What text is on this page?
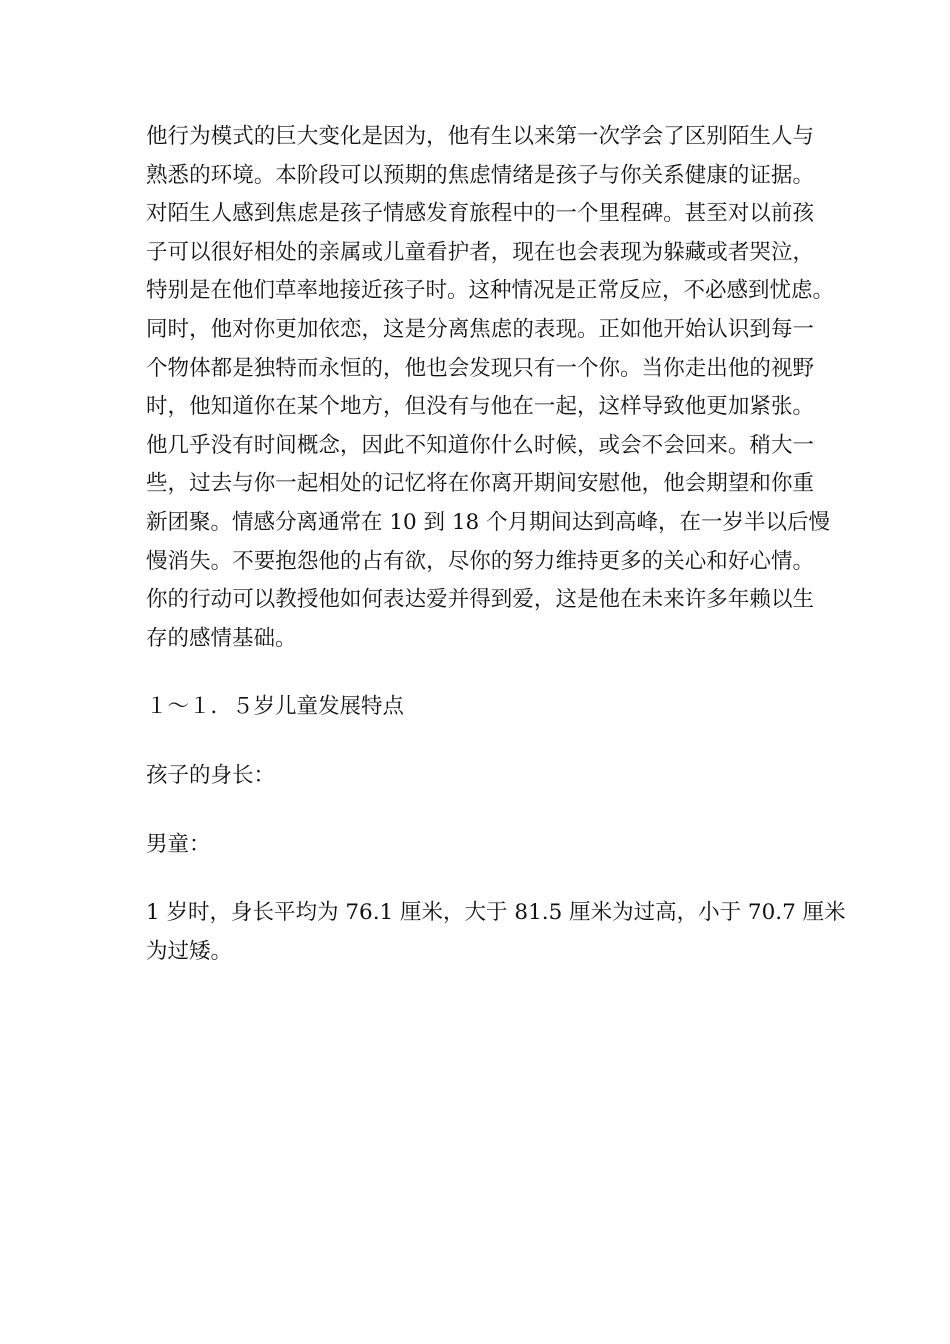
他行为模式的巨大变化是因为，他有生以来第一次学会了区别陌生人与
熟悉的环境。本阶段可以预期的焦虑情绪是孩子与你关系健康的证据。
对陌生人感到焦虑是孩子情感发育旅程中的一个里程碑。甚至对以前孩
子可以很好相处的亲属或儿童看护者，现在也会表现为躲藏或者哭泣，
特别是在他们草率地接近孩子时。这种情况是正常反应，不必感到忧虑。
同时，他对你更加依恋，这是分离焦虑的表现。正如他开始认识到每一
个物体都是独特而永恒的，他也会发现只有一个你。当你走出他的视野
时，他知道你在某个地方，但没有与他在一起，这样导致他更加紧张。
他几乎没有时间概念，因此不知道你什么时候，或会不会回来。稍大一
些，过去与你一起相处的记忆将在你离开期间安慰他，他会期望和你重
新团聚。情感分离通常在 10 到 18 个月期间达到高峰，在一岁半以后慢
慢消失。不要抱怨他的占有欲，尽你的努力维持更多的关心和好心情。
你的行动可以教授他如何表达爱并得到爱，这是他在未来许多年赖以生
存的感情基础。

１～１．５岁儿童发展特点

孩子的身长：

男童：

1 岁时，身长平均为 76.1 厘米，大于 81.5 厘米为过高，小于 70.7 厘米
为过矮。
